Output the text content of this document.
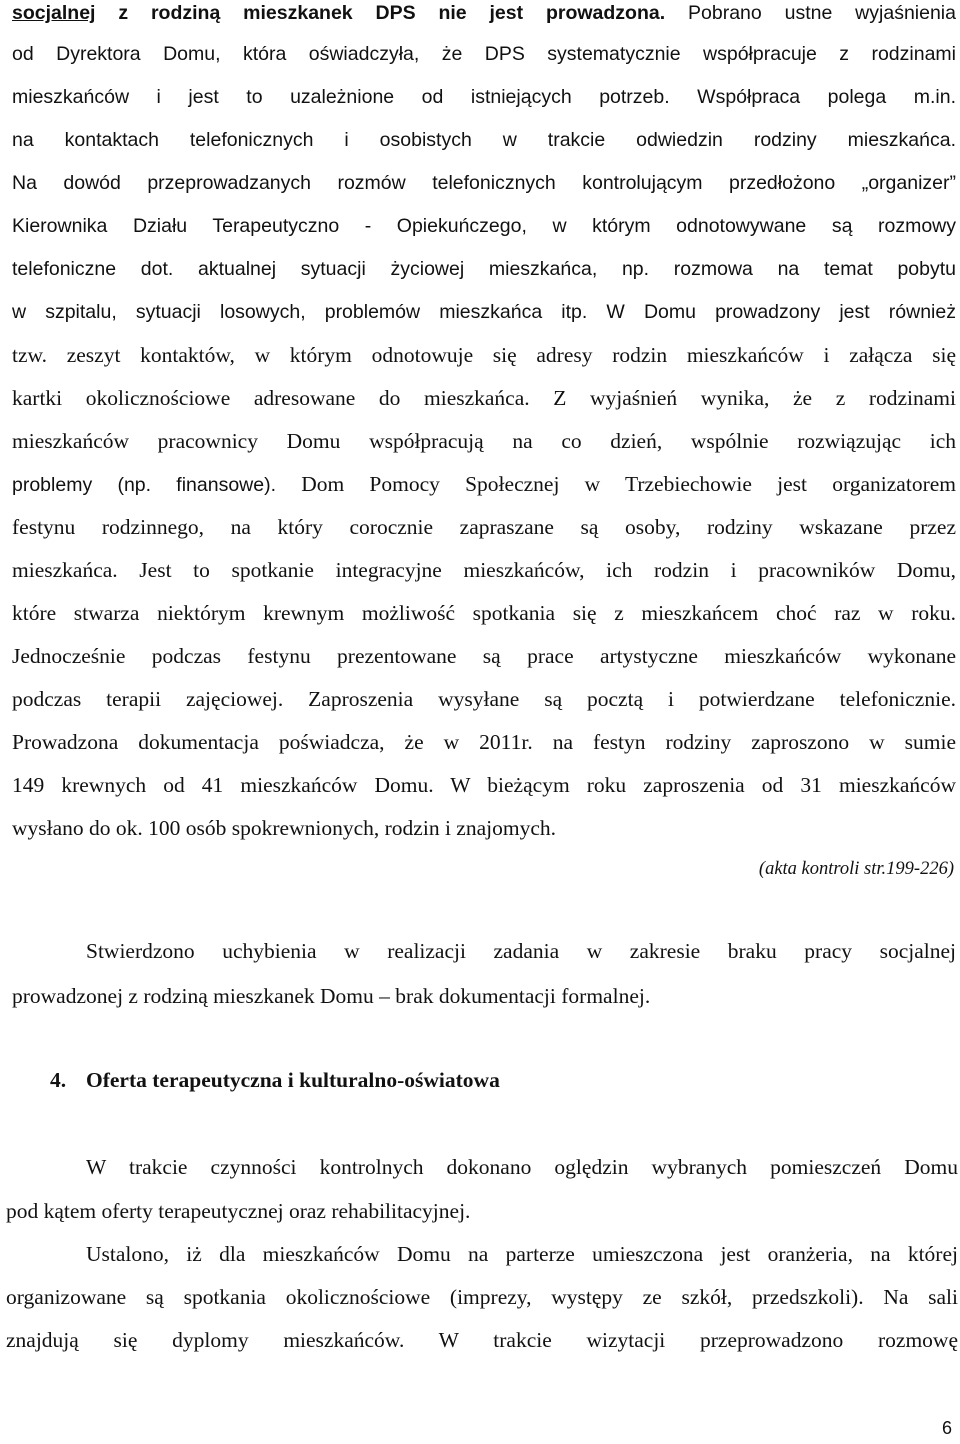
socjalnej z rodziną mieszkanek DPS nie jest prowadzona. Pobrano ustne wyjaśnienia
od Dyrektora Domu, która oświadczyła, że DPS systematycznie współpracuje z rodzinami
mieszkańców i jest to uzależnione od istniejących potrzeb. Współpraca polega m.in.
na kontaktach telefonicznych i osobistych w trakcie odwiedzin rodziny mieszkańca.
Na dowód przeprowadzanych rozmów telefonicznych kontrolującym przedłożono „organizer”
Kierownika Działu Terapeutyczno - Opiekuńczego, w którym odnotowywane są rozmowy
telefoniczne dot. aktualnej sytuacji życiowej mieszkańca, np. rozmowa na temat pobytu
w szpitalu, sytuacji losowych, problemów mieszkańca itp. W Domu prowadzony jest również
tzw. zeszyt kontaktów, w którym odnotowuje się adresy rodzin mieszkańców i załącza się
kartki okolicznościowe adresowane do mieszkańca. Z wyjaśnień wynika, że z rodzinami
mieszkańców pracownicy Domu współpracują na co dzień, wspólnie rozwiązując ich
problemy (np. finansowe). Dom Pomocy Społecznej w Trzebiechowie jest organizatorem
festynu rodzinnego, na który corocznie zapraszane są osoby, rodziny wskazane przez
mieszkańca. Jest to spotkanie integracyjne mieszkańców, ich rodzin i pracowników Domu,
które stwarza niektórym krewnym możliwość spotkania się z mieszkańcem choć raz w roku.
Jednocześnie podczas festynu prezentowane są prace artystyczne mieszkańców wykonane
podczas terapii zajęciowej. Zaproszenia wysyłane są pocztą i potwierdzane telefonicznie.
Prowadzona dokumentacja poświadcza, że w 2011r. na festyn rodziny zaproszono w sumie
149 krewnych od 41 mieszkańców Domu. W bieżącym roku zaproszenia od 31 mieszkańców
wysłano do ok. 100 osób spokrewnionych, rodzin i znajomych.
(akta kontroli str.199-226)
Stwierdzono uchybienia w realizacji zadania w zakresie braku pracy socjalnej
prowadzonej z rodziną mieszkanek Domu – brak dokumentacji formalnej.
4. Oferta terapeutyczna i kulturalno-oświatowa
W trakcie czynności kontrolnych dokonano oględzin wybranych pomieszczeń Domu
pod kątem oferty terapeutycznej oraz rehabilitacyjnej.
Ustalono, iż dla mieszkańców Domu na parterze umieszczona jest oranżeria, na której
organizowane są spotkania okolicznościowe (imprezy, występy ze szkół, przedszkoli). Na sali
znajdują się dyplomy mieszkańców. W trakcie wizytacji przeprowadzono rozmowę
6
